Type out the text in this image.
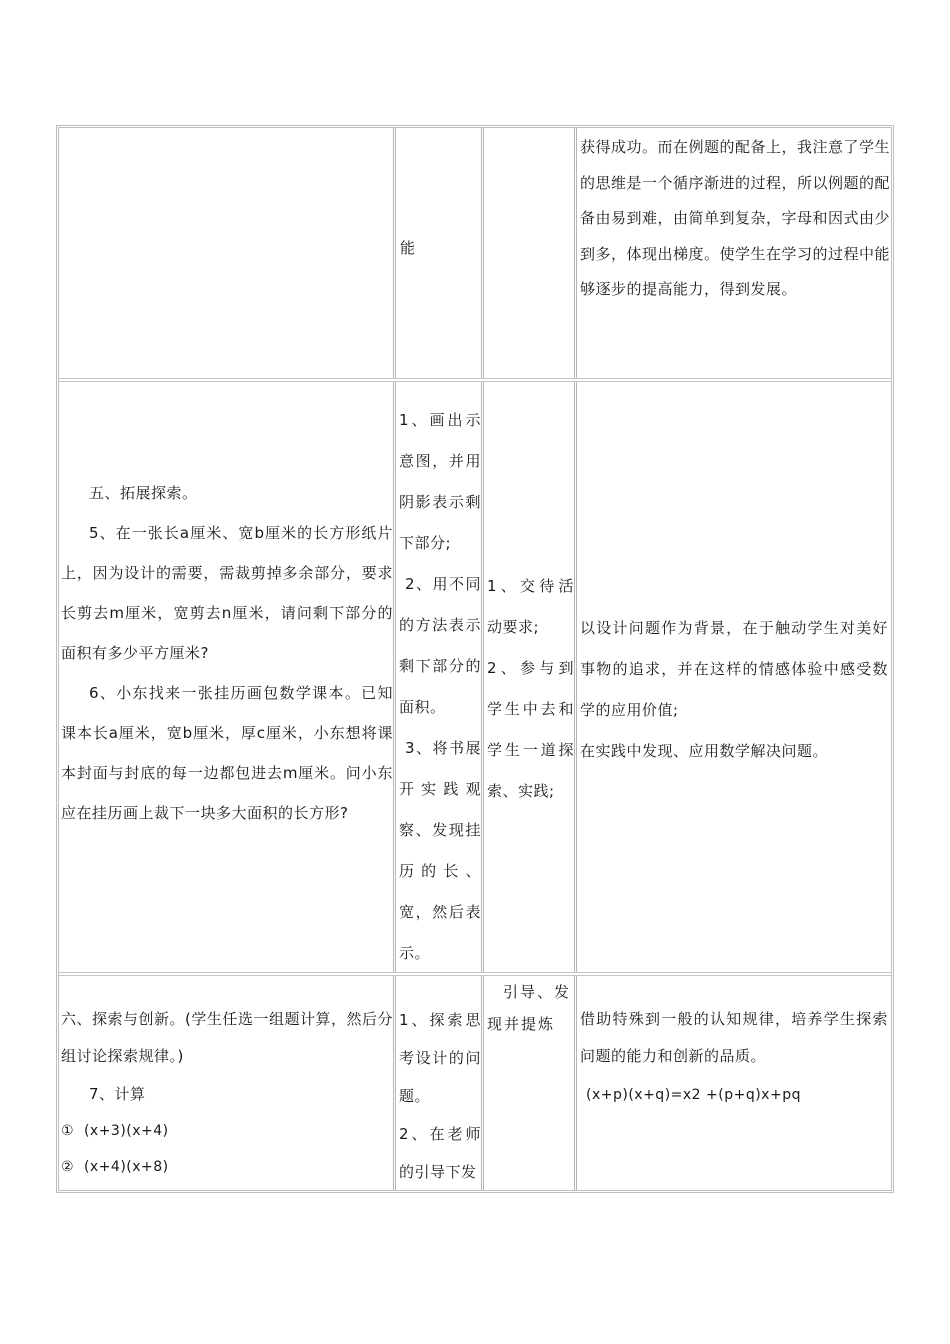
能

获得成功。而在例题的配备上，我注意了学生的思维是一个循序渐进的过程，所以例题的配备由易到难，由简单到复杂，字母和因式由少到多，体现出梯度。使学生在学习的过程中能够逐步的提高能力，得到发展。

五、拓展探索。

5、在一张长a厘米、宽b厘米的长方形纸片上，因为设计的需要，需裁剪掉多余部分，要求长剪去m厘米，宽剪去n厘米，请问剩下部分的面积有多少平方厘米?

6、小东找来一张挂历画包数学课本。已知课本长a厘米，宽b厘米，厚c厘米，小东想将课本封面与封底的每一边都包进去m厘米。问小东应在挂历画上裁下一块多大面积的长方形?

1、画出示意图，并用阴影表示剩下部分;

2、用不同的方法表示剩下部分的面积。

3、将书展开实践观察、发现挂历的长、宽，然后表示。

1、交待活动要求;

2、参与到学生中去和学生一道探索、实践;

以设计问题作为背景，在于触动学生对美好事物的追求，并在这样的情感体验中感受数学的应用价值;

在实践中发现、应用数学解决问题。

六、探索与创新。(学生任选一组题计算，然后分组讨论探索规律。)

7、计算

①  (x+3)(x+4)

②  (x+4)(x+8)

1、探索思考设计的问题。

2、在老师的引导下发

引导、发现并提炼	借助特殊到一般的认知规律，培养学生探索问题的能力和创新的品质。

(x+p)(x+q)=x2 +(p+q)x+pq
